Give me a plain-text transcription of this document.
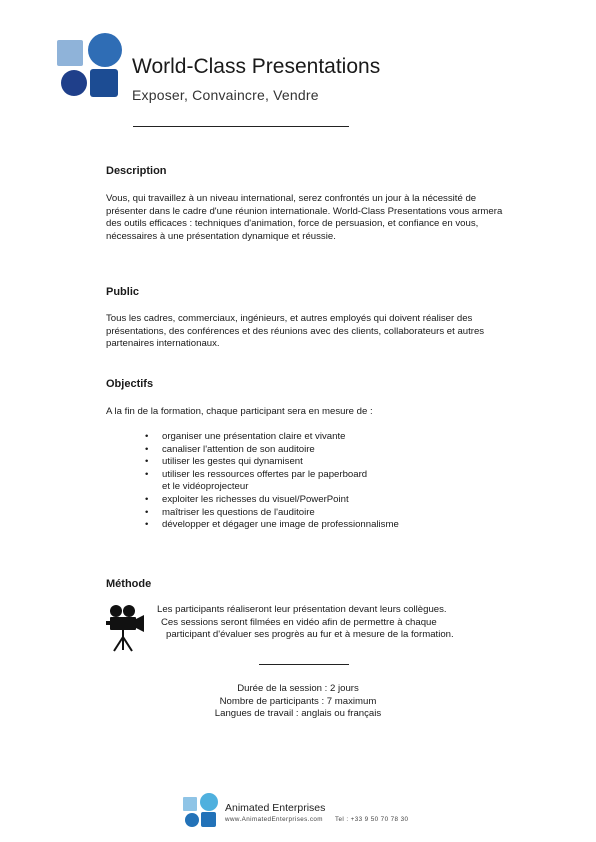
World-Class Presentations
Exposer, Convaincre, Vendre
Description
Vous, qui travaillez à un niveau international, serez confrontés un jour à la nécessité de présenter dans le cadre d'une réunion internationale. World-Class Presentations vous armera des outils efficaces : techniques d'animation, force de persuasion, et confiance en vous, nécessaires à une présentation dynamique et réussie.
Public
Tous les cadres, commerciaux, ingénieurs, et autres employés qui doivent réaliser des présentations, des conférences et des réunions avec des clients, collaborateurs et autres partenaires internationaux.
Objectifs
A la fin de la formation, chaque participant sera en mesure de :
• organiser une présentation claire et vivante
• canaliser l'attention de son auditoire
• utiliser les gestes qui dynamisent
• utiliser les ressources offertes par le paperboard
et le vidéoprojecteur
• exploiter les richesses du visuel/PowerPoint
• maîtriser les questions de l'auditoire
• développer et dégager une image de professionnalisme
Méthode
Les participants réaliseront leur présentation devant leurs collègues.
Ces sessions seront filmées en vidéo afin de permettre à chaque
participant d'évaluer ses progrès au fur et à mesure de la formation.
Durée de la session : 2 jours
Nombre de participants : 7 maximum
Langues de travail : anglais ou français
Animated Enterprises
www.AnimatedEnterprises.com Tel : +33 9 50 70 78 30
